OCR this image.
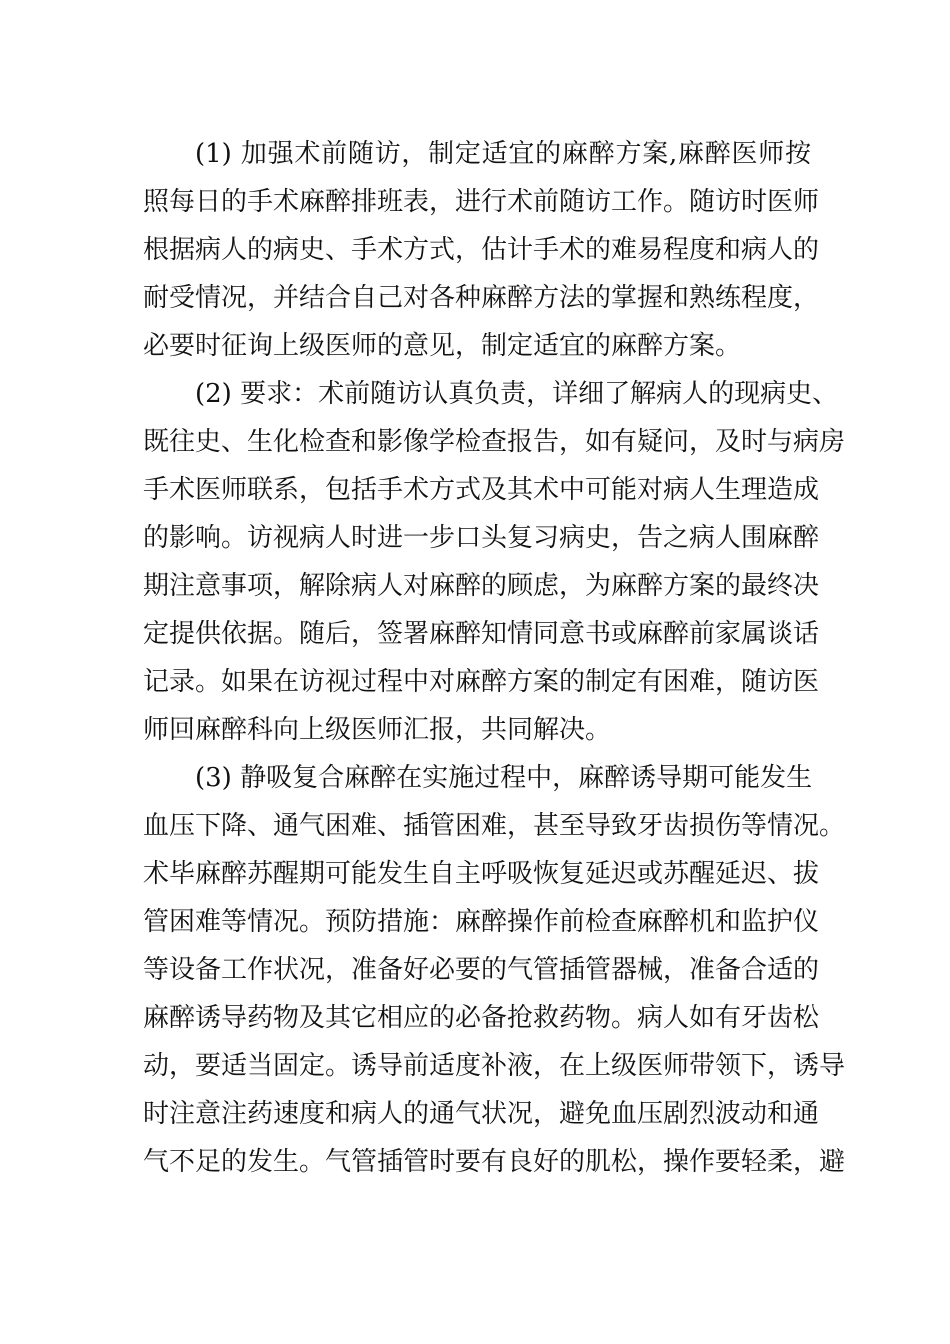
(1) 加强术前随访，制定适宜的麻醉方案,麻醉医师按
照每日的手术麻醉排班表，进行术前随访工作。随访时医师
根据病人的病史、手术方式，估计手术的难易程度和病人的
耐受情况，并结合自己对各种麻醉方法的掌握和熟练程度，
必要时征询上级医师的意见，制定适宜的麻醉方案。
(2) 要求：术前随访认真负责，详细了解病人的现病史、
既往史、生化检查和影像学检查报告，如有疑问，及时与病房
手术医师联系，包括手术方式及其术中可能对病人生理造成
的影响。访视病人时进一步口头复习病史，告之病人围麻醉
期注意事项，解除病人对麻醉的顾虑，为麻醉方案的最终决
定提供依据。随后，签署麻醉知情同意书或麻醉前家属谈话
记录。如果在访视过程中对麻醉方案的制定有困难，随访医
师回麻醉科向上级医师汇报，共同解决。
(3) 静吸复合麻醉在实施过程中，麻醉诱导期可能发生
血压下降、通气困难、插管困难，甚至导致牙齿损伤等情况。
术毕麻醉苏醒期可能发生自主呼吸恢复延迟或苏醒延迟、拔
管困难等情况。预防措施：麻醉操作前检查麻醉机和监护仪
等设备工作状况，准备好必要的气管插管器械，准备合适的
麻醉诱导药物及其它相应的必备抢救药物。病人如有牙齿松
动，要适当固定。诱导前适度补液，在上级医师带领下，诱导
时注意注药速度和病人的通气状况，避免血压剧烈波动和通
气不足的发生。气管插管时要有良好的肌松，操作要轻柔，避
